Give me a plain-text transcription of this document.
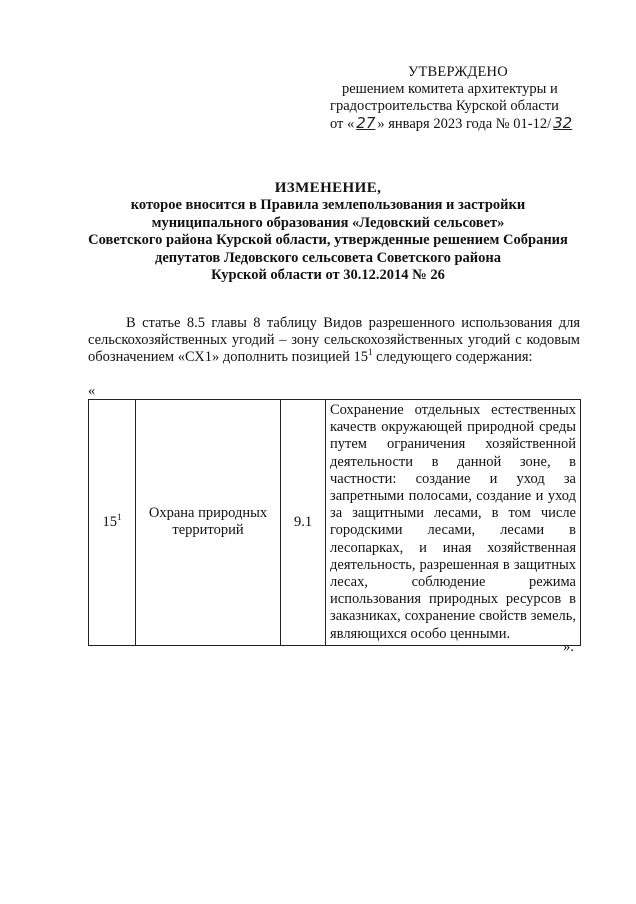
УТВЕРЖДЕНО
решением комитета архитектуры и
градостроительства Курской области
от « 27 » января 2023 года № 01-12/ 32
ИЗМЕНЕНИЕ,
которое вносится в Правила землепользования и застройки
муниципального образования «Ледовский сельсовет»
Советского района Курской области, утвержденные решением Собрания
депутатов Ледовского сельсовета Советского района
Курской области от 30.12.2014 № 26
В статье 8.5 главы 8 таблицу Видов разрешенного использования для сельскохозяйственных угодий – зону сельскохозяйственных угодий с кодовым обозначением «СХ1» дополнить позицией $15^1$ следующего содержания:
«
$15^1$	Охрана природных территорий	9.1	Сохранение отдельных естественных качеств окружающей природной среды путем ограничения хозяйственной деятельности в данной зоне, в частности: создание и уход за запретными полосами, создание и уход за защитными лесами, в том числе городскими лесами, лесами в лесопарках, и иная хозяйственная деятельность, разрешенная в защитных лесах, соблюдение режима использования природных ресурсов в заказниках, сохранение свойств земель, являющихся особо ценными.
».
